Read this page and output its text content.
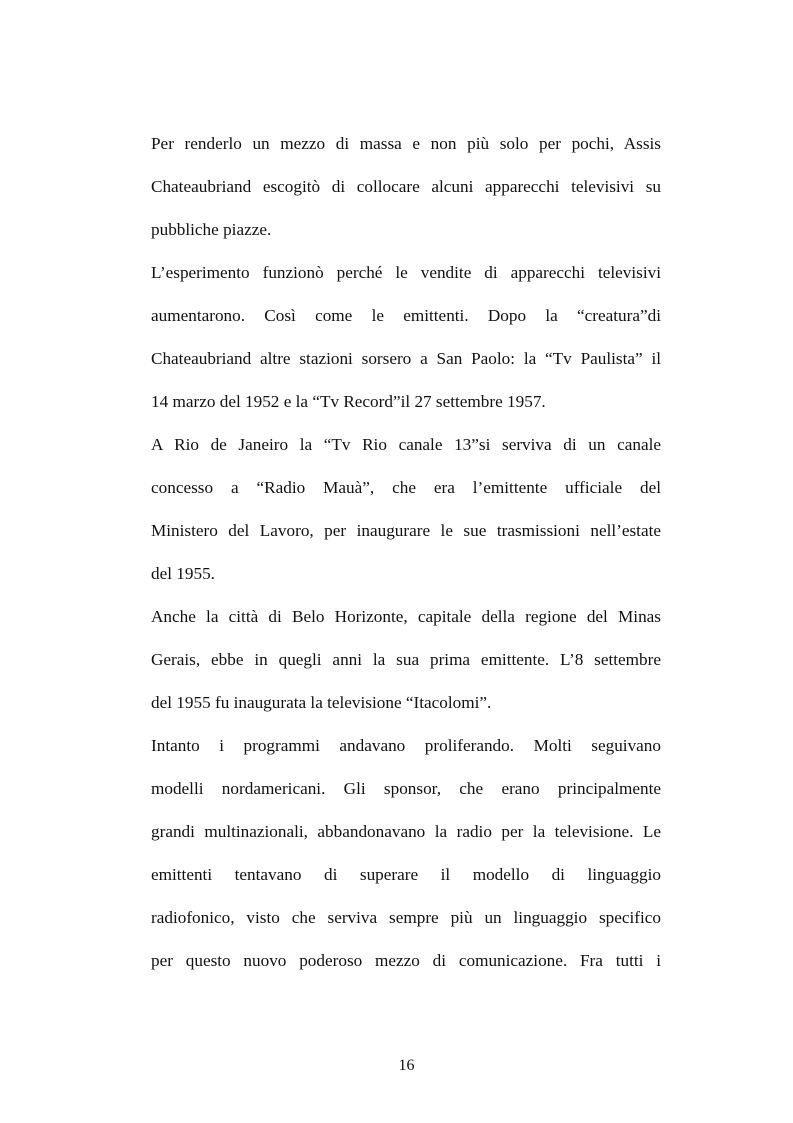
Per renderlo un mezzo di massa e non più solo per pochi, Assis
Chateaubriand escogitò di collocare alcuni apparecchi televisivi su
pubbliche piazze.
L’esperimento funzionò perché le vendite di apparecchi televisivi
aumentarono. Così come le emittenti. Dopo la “creatura”di
Chateaubriand altre stazioni sorsero a San Paolo: la “Tv Paulista” il
14 marzo del 1952 e la “Tv Record”il 27 settembre 1957.
A Rio de Janeiro la “Tv Rio canale 13”si serviva di un canale
concesso a “Radio Mauà”, che era l’emittente ufficiale del
Ministero del Lavoro, per inaugurare le sue trasmissioni nell’estate
del 1955.
Anche la città di Belo Horizonte, capitale della regione del Minas
Gerais, ebbe in quegli anni la sua prima emittente. L’8 settembre
del 1955 fu inaugurata la televisione “Itacolomi”.
Intanto i programmi andavano proliferando. Molti seguivano
modelli nordamericani. Gli sponsor, che erano principalmente
grandi multinazionali, abbandonavano la radio per la televisione. Le
emittenti tentavano di superare il modello di linguaggio
radiofonico, visto che serviva sempre più un linguaggio specifico
per questo nuovo poderoso mezzo di comunicazione. Fra tutti i
16
